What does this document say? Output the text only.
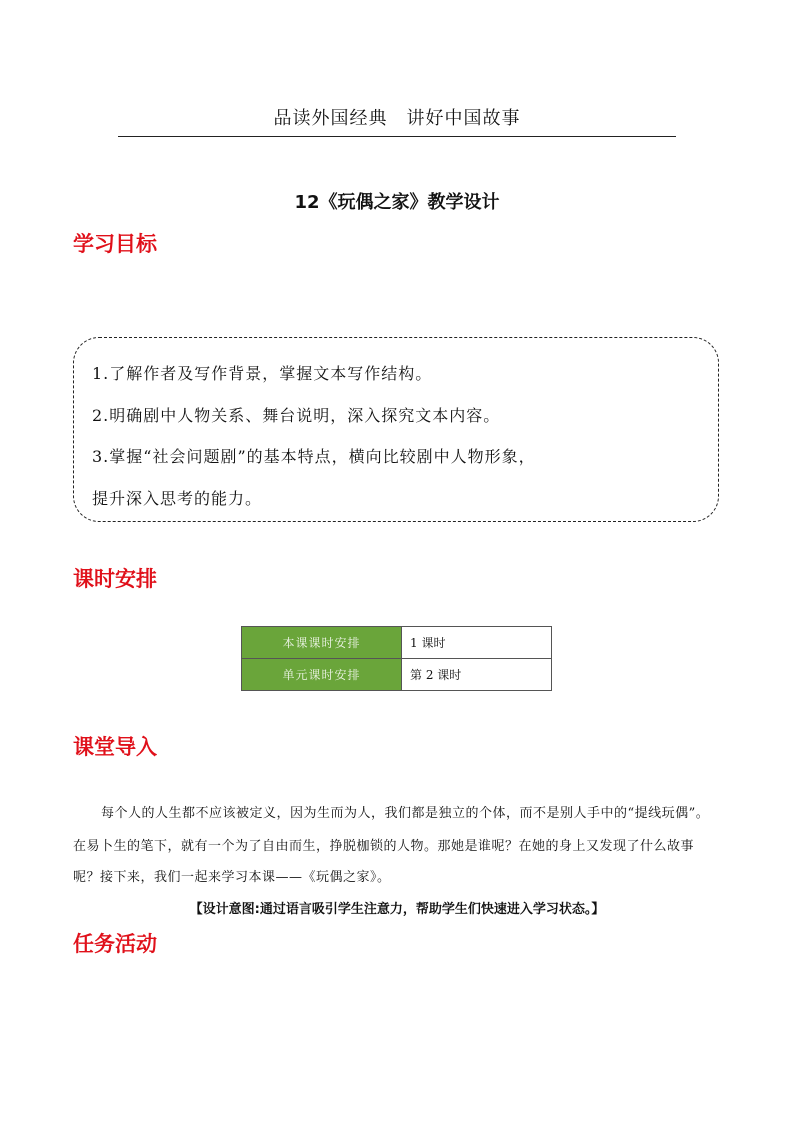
品读外国经典　讲好中国故事
12《玩偶之家》教学设计
学习目标
1.了解作者及写作背景，掌握文本写作结构。
2.明确剧中人物关系、舞台说明，深入探究文本内容。
3.掌握“社会问题剧”的基本特点，横向比较剧中人物形象，
提升深入思考的能力。
课时安排
本课课时安排	1 课时
单元课时安排	第 2 课时
课堂导入
每个人的人生都不应该被定义，因为生而为人，我们都是独立的个体，而不是别人手中的“提线玩偶”。
在易卜生的笔下，就有一个为了自由而生，挣脱枷锁的人物。那她是谁呢？在她的身上又发现了什么故事
呢？接下来，我们一起来学习本课——《玩偶之家》。
【设计意图:通过语言吸引学生注意力，帮助学生们快速进入学习状态。】
任务活动
